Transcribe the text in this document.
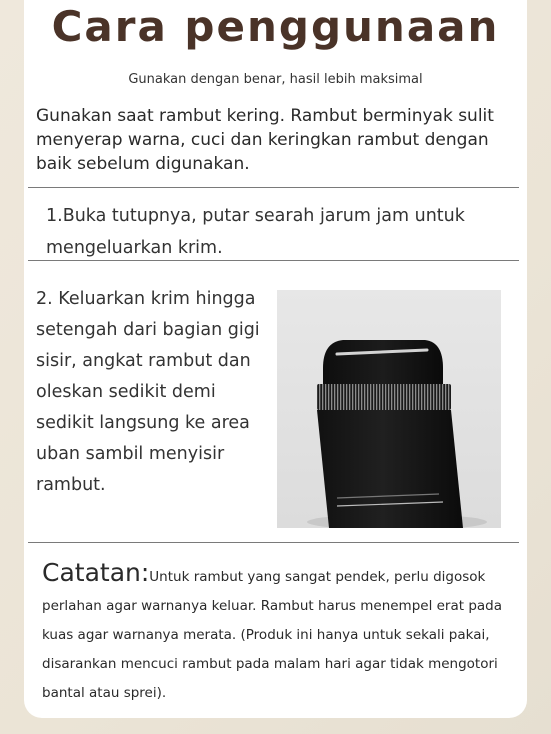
Cara penggunaan
Gunakan dengan benar, hasil lebih maksimal
Gunakan saat rambut kering. Rambut berminyak sulit menyerap warna, cuci dan keringkan rambut dengan baik sebelum digunakan.
1.Buka tutupnya, putar searah jarum jam untuk mengeluarkan krim.
2. Keluarkan krim hingga setengah dari bagian gigi sisir, angkat rambut dan oleskan sedikit demi sedikit langsung ke area uban sambil menyisir rambut.
Catatan:Untuk rambut yang sangat pendek, perlu digosok perlahan agar warnanya keluar. Rambut harus menempel erat pada kuas agar warnanya merata. (Produk ini hanya untuk sekali pakai, disarankan mencuci rambut pada malam hari agar tidak mengotori bantal atau sprei).
